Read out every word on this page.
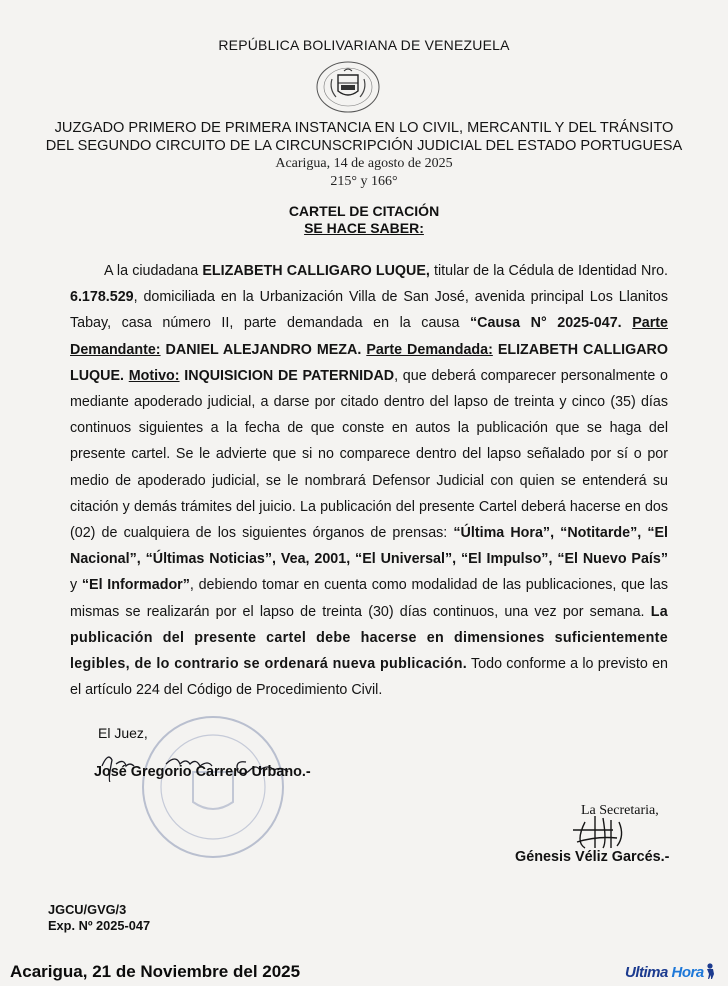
REPÚBLICA BOLIVARIANA DE VENEZUELA
JUZGADO PRIMERO DE PRIMERA INSTANCIA EN LO CIVIL, MERCANTIL Y DEL TRÁNSITO
DEL SEGUNDO CIRCUITO DE LA CIRCUNSCRIPCIÓN JUDICIAL DEL ESTADO PORTUGUESA
Acarigua, 14 de agosto de 2025
215° y 166°
CARTEL DE CITACIÓN
SE HACE SABER:

A la ciudadana ELIZABETH CALLIGARO LUQUE, titular de la Cédula de Identidad Nro. 6.178.529, domiciliada en la Urbanización Villa de San José, avenida principal Los Llanitos Tabay, casa número II, parte demandada en la causa “Causa N° 2025-047. Parte Demandante: DANIEL ALEJANDRO MEZA. Parte Demandada: ELIZABETH CALLIGARO LUQUE. Motivo: INQUISICION DE PATERNIDAD, que deberá comparecer personalmente o mediante apoderado judicial, a darse por citado dentro del lapso de treinta y cinco (35) días continuos siguientes a la fecha de que conste en autos la publicación que se haga del presente cartel. Se le advierte que si no comparece dentro del lapso señalado por sí o por medio de apoderado judicial, se le nombrará Defensor Judicial con quien se entenderá su citación y demás trámites del juicio. La publicación del presente Cartel deberá hacerse en dos (02) de cualquiera de los siguientes órganos de prensas: “Última Hora”, “Notitarde”, “El Nacional”, “Últimas Noticias”, Vea, 2001, “El Universal”, “El Impulso”, “El Nuevo País” y “El Informador”, debiendo tomar en cuenta como modalidad de las publicaciones, que las mismas se realizarán por el lapso de treinta (30) días continuos, una vez por semana. La publicación del presente cartel debe hacerse en dimensiones suficientemente legibles, de lo contrario se ordenará nueva publicación. Todo conforme a lo previsto en el artículo 224 del Código de Procedimiento Civil.

El Juez,
José Gregorio Carrero Urbano.-
La Secretaria,
Génesis Véliz Garcés.-
JGCU/GVG/3
Exp. Nº 2025-047
Acarigua, 21 de Noviembre del 2025	Ultima Hora
